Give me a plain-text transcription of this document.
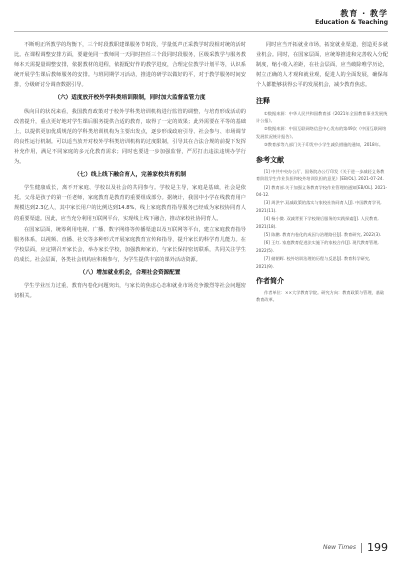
教育 · 教学
Education & Teaching

不断明正所教学的均衡下，三个时段教职建课服务节时段，学量低声正采教学时段相对统的活时比。在课程调整安排方面，要避免同一教师同一天同时担任三个段同时段服务，区级采教学与服务教师本天需提量调整安排，依据教材的进程，依据配好作的教学进度，合理定位教学计划平等，认识系统开展学生课后教师服务的安排。与班同期学习活动，推进的研学以做好的平，对于教学服务时间安排，分级研讨分调查数据引导。

（六）适度放开校外学科类培训限制，同时加大监督监管力度

纵向目的状况来看，我国教育政策对于校外学科类培训机构进行监管的调整，与培育形成活动的改善提升，重点更好地对学生课后服务提供合适的教育，取得了一定的效果；此外需要在平等的基础上，以提供更加优质规范的学科类培训机构为主要出发点，逐步形成政府引导、社会参与、市场调节的良性运行机制。可以适当放开对校外学科类培训机构的过度限制，引导其在合法合规的前提下发挥补充作用，满足不同家庭的多元化教育需求；同时也要进一步加强监督，严厉打击违法违规办学行为。

（七）线上线下融合育人，完善家校共育机制

学生健康成长，离不开家庭、学校以及社会的共同参与。学校是主导，家庭是基础，社会是依托。父母是孩子的第一任老师，家庭教育是教育的重要组成部分。据统计，我国中小学在线教育用户规模达到2.3亿人，其中家长用户的比例达到14.8%，线上家庭教育指导服务已经成为家校协同育人的重要渠道。因此，应当充分利用互联网平台，实现线上线下融合，推动家校社协同育人。

在国家层面，统筹利用电视、广播、数字网络等传播渠道以及互联网等平台，建立家庭教育指导服务体系，以视频、直播、社交等多种形式开展家庭教育宣传和指导，提升家长的科学育儿能力。在学校层面，应定期召开家长会，举办家长学校，加强教师家访，与家长保持密切联系，共同关注学生的成长。社会层面，各类社会机构应积极参与，为学生提供丰富的课外活动资源。

（八）增加就业机会，合理社会资源配置

学生学业压力过重，教育内卷化问题突出，与家长的焦虑心态和就业市场竞争激烈等社会问题密切相关。

同时应当开拓就业市场，拓宽就业渠道，创造更多就业机会。同时，在国家层面，应统筹推进和完善收入分配制度，缩小收入差距，在社会层面，应当破除唯学历论，树立正确的人才观和就业观，促进人的全面发展，确保每个人都能够获得公平的发展机会，减少教育焦虑。

注释
①数据来源：中华人民共和国教育部《2021年全国教育事业发展统计公报》。
②数据来源：中国互联网络信息中心发布的第49次《中国互联网络发展状况统计报告》。
③教育部等九部门关于印发中小学生减负措施的通知，2018年。
参考文献
[1] 中共中央办公厅、国务院办公厅印发《关于进一步减轻义务教育阶段学生作业负担和校外培训负担的意见》[EB/OL]. 2021-07-24.
[2] 教育部.关于加强义务教育学校作业管理的通知[EB/OL]. 2021-04-12.
[3] 周洪宇.双减政策的落实与家校社协同育人[J]. 中国教育学刊, 2021(11).
[4] 杨小微. 双减背景下学校课后服务的实践探索[J]. 人民教育, 2021(18).
[5] 陈鹏. 教育内卷化的成因与治理路径[J]. 教育研究, 2022(3).
[6] 王红. 家庭教育促进法实施下的家校合作[J]. 现代教育管理, 2022(5).
[7] 储朝晖. 校外培训治理的历程与反思[J]. 教育科学研究, 2021(9).
作者简介
作者单位：××大学教育学院。研究方向：教育政策与管理，基础教育改革。
New Times 199
